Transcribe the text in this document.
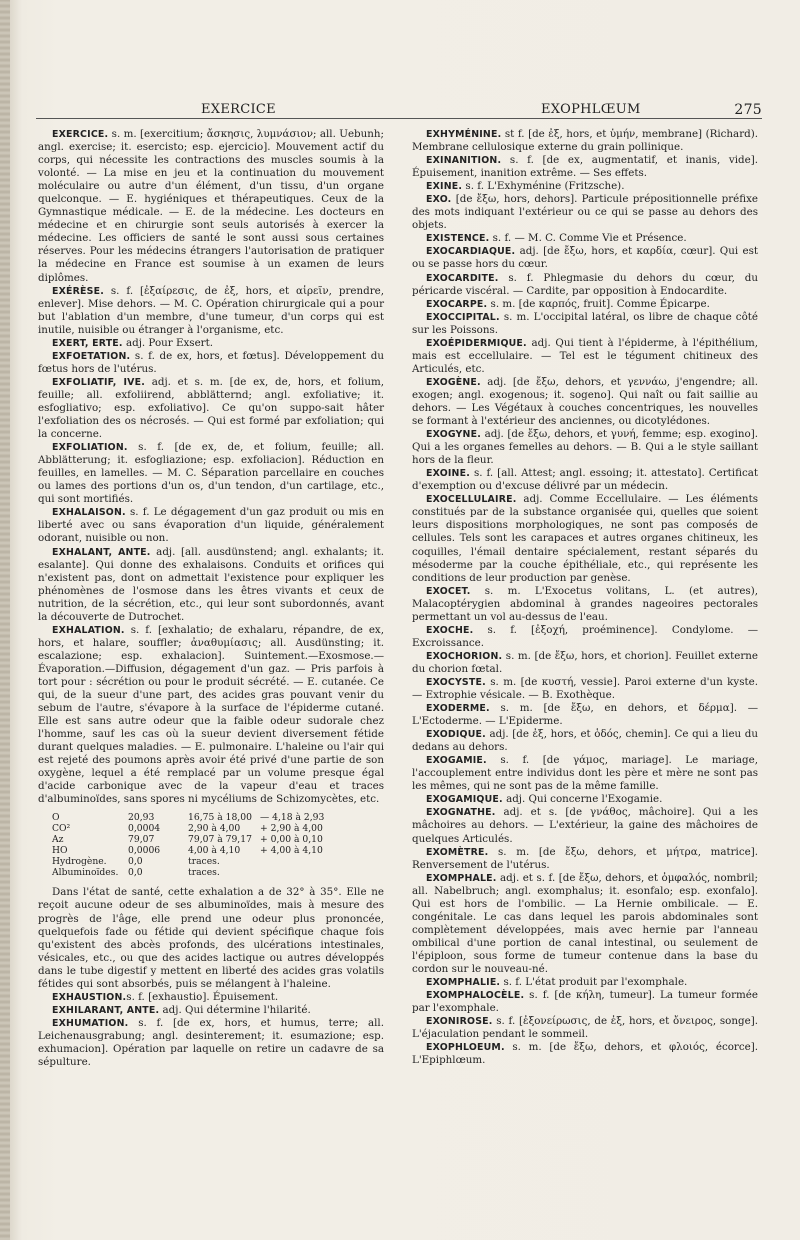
EXERCICE	EXOPHLŒUM	275

EXERCICE. s. m. [exercitium; ἄσκησις, λυμνάσιον; all. Uebunh; angl. exercise; it. esercisto; esp. ejercicio]. Mouvement actif du corps, qui nécessite les contractions des muscles soumis à la volonté. — La mise en jeu et la continuation du mouvement moléculaire ou autre d'un élément, d'un tissu, d'un organe quelconque. — E. hygiéniques et thérapeutiques. Ceux de la Gymnastique médicale. — E. de la médecine. Les docteurs en médecine et en chirurgie sont seuls autorisés à exercer la médecine. Les officiers de santé le sont aussi sous certaines réserves. Pour les médecins étrangers l'autorisation de pratiquer la médecine en France est soumise à un examen de leurs diplômes.

EXÉRÈSE. s. f. [ἐξαίρεσις, de ἐξ, hors, et αἱρεῖν, prendre, enlever]. Mise dehors. — M. C. Opération chirurgicale qui a pour but l'ablation d'un membre, d'une tumeur, d'un corps qui est inutile, nuisible ou étranger à l'organisme, etc.

EXERT, ERTE. adj. Pour Exsert.

EXFOETATION. s. f. de ex, hors, et fœtus]. Développement du fœtus hors de l'utérus.

EXFOLIATIF, IVE. adj. et s. m. [de ex, de, hors, et folium, feuille; all. exfoliirend, abblätternd; angl. exfoliative; it. esfogliativo; esp. exfoliativo]. Ce qu'on suppo-sait hâter l'exfoliation des os nécrosés. — Qui est formé par exfoliation; qui la concerne.

EXFOLIATION. s. f. [de ex, de, et folium, feuille; all. Abblätterung; it. esfogliazione; esp. exfoliacion]. Réduction en feuilles, en lamelles. — M. C. Séparation parcellaire en couches ou lames des portions d'un os, d'un tendon, d'un cartilage, etc., qui sont mortifiés.

EXHALAISON. s. f. Le dégagement d'un gaz produit ou mis en liberté avec ou sans évaporation d'un liquide, généralement odorant, nuisible ou non.

EXHALANT, ANTE. adj. [all. ausdünstend; angl. exhalants; it. esalante]. Qui donne des exhalaisons. Conduits et orifices qui n'existent pas, dont on admettait l'existence pour expliquer les phénomènes de l'osmose dans les êtres vivants et ceux de nutrition, de la sécrétion, etc., qui leur sont subordonnés, avant la découverte de Dutrochet.

EXHALATION. s. f. [exhalatio; de exhalaru, répandre, de ex, hors, et halare, souffler; ἀναθυμίασις; all. Ausdünsting; it. escalazione; esp. exhalacion]. Suintement.—Exosmose.—Évaporation.—Diffusion, dégagement d'un gaz. — Pris parfois à tort pour : sécrétion ou pour le produit sécrété. — E. cutanée. Ce qui, de la sueur d'une part, des acides gras pouvant venir du sebum de l'autre, s'évapore à la surface de l'épiderme cutané. Elle est sans autre odeur que la faible odeur sudorale chez l'homme, sauf les cas où la sueur devient diversement fétide durant quelques maladies. — E. pulmonaire. L'haleine ou l'air qui est rejeté des poumons après avoir été privé d'une partie de son oxygène, lequel a été remplacé par un volume presque égal d'acide carbonique avec de la vapeur d'eau et traces d'albuminoïdes, sans spores ni mycéliums de Schizomycètes, etc.

O	20,93	16,75 à 18,00	— 4,18 à 2,93
CO²	0,0004	2,90 à 4,00	+ 2,90 à 4,00
Az	79,07	79,07 à 79,17	+ 0,00 à 0,10
HO	0,0006	4,00 à 4,10	+ 4,00 à 4,10
Hydrogène.	0,0	traces.	
Albuminoïdes.	0,0	traces.	

Dans l'état de santé, cette exhalation a de 32° à 35°. Elle ne reçoit aucune odeur de ses albuminoïdes, mais à mesure des progrès de l'âge, elle prend une odeur plus prononcée, quelquefois fade ou fétide qui devient spécifique chaque fois qu'existent des abcès profonds, des ulcérations intestinales, vésicales, etc., ou que des acides lactique ou autres développés dans le tube digestif y mettent en liberté des acides gras volatils fétides qui sont absorbés, puis se mélangent à l'haleine.

EXHAUSTION.s. f. [exhaustio]. Épuisement.

EXHILARANT, ANTE. adj. Qui détermine l'hilarité.

EXHUMATION. s. f. [de ex, hors, et humus, terre; all. Leichenausgrabung; angl. desinterement; it. esumazione; esp. exhumacion]. Opération par laquelle on retire un cadavre de sa sépulture.

EXHYMÉNINE. st f. [de ἐξ, hors, et ὑμήν, membrane] (Richard). Membrane cellulosique externe du grain pollinique.

EXINANITION. s. f. [de ex, augmentatif, et inanis, vide]. Épuisement, inanition extrême. — Ses effets.

EXINE. s. f. L'Exhyménine (Fritzsche).

EXO. [de ἔξω, hors, dehors]. Particule prépositionnelle préfixe des mots indiquant l'extérieur ou ce qui se passe au dehors des objets.

EXISTENCE. s. f. — M. C. Comme Vie et Présence.

EXOCARDIAQUE. adj. [de ἔξω, hors, et καρδία, cœur]. Qui est ou se passe hors du cœur.

EXOCARDITE. s. f. Phlegmasie du dehors du cœur, du péricarde viscéral. — Cardite, par opposition à Endocardite.

EXOCARPE. s. m. [de καρπός, fruit]. Comme Épicarpe.

EXOCCIPITAL. s. m. L'occipital latéral, os libre de chaque côté sur les Poissons.

EXOÉPIDERMIQUE. adj. Qui tient à l'épiderme, à l'épithélium, mais est eccellulaire. — Tel est le tégument chitineux des Articulés, etc.

EXOGÈNE. adj. [de ἔξω, dehors, et γεννάω, j'engendre; all. exogen; angl. exogenous; it. sogeno]. Qui naît ou fait saillie au dehors. — Les Végétaux à couches concentriques, les nouvelles se formant à l'extérieur des anciennes, ou dicotylédones.

EXOGYNE. adj. [de ἔξω, dehors, et γυνή, femme; esp. exogino]. Qui a les organes femelles au dehors. — B. Qui a le style saillant hors de la fleur.

EXOINE. s. f. [all. Attest; angl. essoing; it. attestato]. Certificat d'exemption ou d'excuse délivré par un médecin.

EXOCELLULAIRE. adj. Comme Eccellulaire. — Les éléments constitués par de la substance organisée qui, quelles que soient leurs dispositions morphologiques, ne sont pas composés de cellules. Tels sont les carapaces et autres organes chitineux, les coquilles, l'émail dentaire spécialement, restant séparés du mésoderme par la couche épithéliale, etc., qui représente les conditions de leur production par genèse.

EXOCET. s. m. L'Exocetus volitans, L. (et autres), Malacoptérygien abdominal à grandes nageoires pectorales permettant un vol au-dessus de l'eau.

EXOCHE. s. f. [ἐξοχή, proéminence]. Condylome. — Excroissance.

EXOCHORION. s. m. [de ἔξω, hors, et chorion]. Feuillet externe du chorion fœtal.

EXOCYSTE. s. m. [de κυστή, vessie]. Paroi externe d'un kyste. — Extrophie vésicale. — B. Exothèque.

EXODERME. s. m. [de ἔξω, en dehors, et δέρμα]. — L'Ectoderme. — L'Epiderme.

EXODIQUE. adj. [de ἐξ, hors, et ὁδός, chemin]. Ce qui a lieu du dedans au dehors.

EXOGAMIE. s. f. [de γάμος, mariage]. Le mariage, l'accouplement entre individus dont les père et mère ne sont pas les mêmes, qui ne sont pas de la même famille.

EXOGAMIQUE. adj. Qui concerne l'Exogamie.

EXOGNATHE. adj. et s. [de γνάθος, mâchoire]. Qui a les mâchoires au dehors. — L'extérieur, la gaine des mâchoires de quelques Articulés.

EXOMÈTRE. s. m. [de ἔξω, dehors, et μήτρα, matrice]. Renversement de l'utérus.

EXOMPHALE. adj. et s. f. [de ἔξω, dehors, et ὀμφαλός, nombril; all. Nabelbruch; angl. exomphalus; it. esonfalo; esp. exonfalo]. Qui est hors de l'ombilic. — La Hernie ombilicale. — E. congénitale. Le cas dans lequel les parois abdominales sont complètement développées, mais avec hernie par l'anneau ombilical d'une portion de canal intestinal, ou seulement de l'épiploon, sous forme de tumeur contenue dans la base du cordon sur le nouveau-né.

EXOMPHALIE. s. f. L'état produit par l'exomphale.

EXOMPHALOCÈLE. s. f. [de κήλη, tumeur]. La tumeur formée par l'exomphale.

EXONIROSE. s. f. [ἐξονείρωσις, de ἐξ, hors, et ὄνειρος, songe]. L'éjaculation pendant le sommeil.

EXOPHLOEUM. s. m. [de ἔξω, dehors, et φλοιός, écorce]. L'Epiphlœum.
